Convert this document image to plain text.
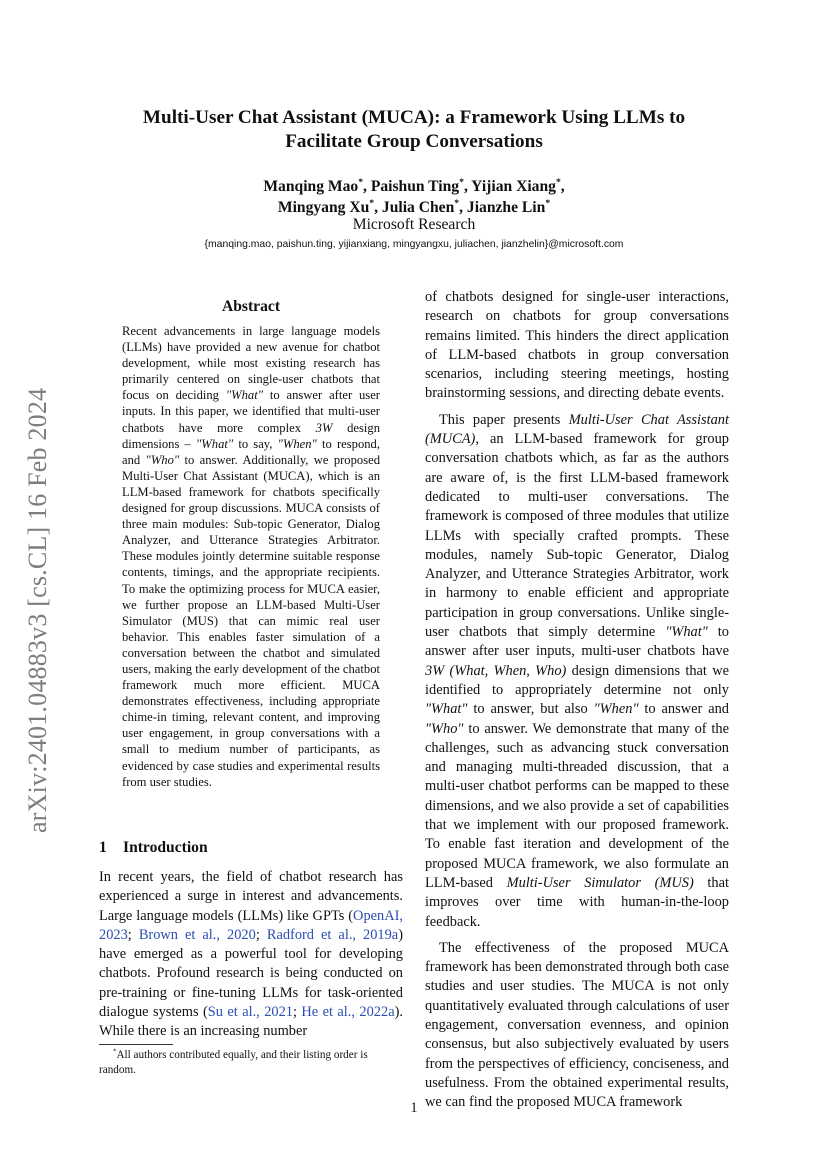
arXiv:2401.04883v3 [cs.CL] 16 Feb 2024
Multi-User Chat Assistant (MUCA): a Framework Using LLMs to
Facilitate Group Conversations
Manqing Mao*, Paishun Ting*, Yijian Xiang*,
Mingyang Xu*, Julia Chen*, Jianzhe Lin*
Microsoft Research
{manqing.mao, paishun.ting, yijianxiang, mingyangxu, juliachen, jianzhelin}@microsoft.com
Abstract

Recent advancements in large language models (LLMs) have provided a new avenue for chatbot development, while most existing research has primarily centered on single-user chatbots that focus on deciding "What" to answer after user inputs. In this paper, we identified that multi-user chatbots have more complex 3W design dimensions – "What" to say, "When" to respond, and "Who" to answer. Additionally, we proposed Multi-User Chat Assistant (MUCA), which is an LLM-based framework for chatbots specifically designed for group discussions. MUCA consists of three main modules: Sub-topic Generator, Dialog Analyzer, and Utterance Strategies Arbitrator. These modules jointly determine suitable response contents, timings, and the appropriate recipients. To make the optimizing process for MUCA easier, we further propose an LLM-based Multi-User Simulator (MUS) that can mimic real user behavior. This enables faster simulation of a conversation between the chatbot and simulated users, making the early development of the chatbot framework much more efficient. MUCA demonstrates effectiveness, including appropriate chime-in timing, relevant content, and improving user engagement, in group conversations with a small to medium number of participants, as evidenced by case studies and experimental results from user studies.

1 Introduction

In recent years, the field of chatbot research has experienced a surge in interest and advancements. Large language models (LLMs) like GPTs (OpenAI, 2023; Brown et al., 2020; Radford et al., 2019a) have emerged as a powerful tool for developing chatbots. Profound research is being conducted on pre-training or fine-tuning LLMs for task-oriented dialogue systems (Su et al., 2021; He et al., 2022a). While there is an increasing number

of chatbots designed for single-user interactions, research on chatbots for group conversations remains limited. This hinders the direct application of LLM-based chatbots in group conversation scenarios, including steering meetings, hosting brainstorming sessions, and directing debate events.

This paper presents Multi-User Chat Assistant (MUCA), an LLM-based framework for group conversation chatbots which, as far as the authors are aware of, is the first LLM-based framework dedicated to multi-user conversations. The framework is composed of three modules that utilize LLMs with specially crafted prompts. These modules, namely Sub-topic Generator, Dialog Analyzer, and Utterance Strategies Arbitrator, work in harmony to enable efficient and appropriate participation in group conversations. Unlike single-user chatbots that simply determine "What" to answer after user inputs, multi-user chatbots have 3W (What, When, Who) design dimensions that we identified to appropriately determine not only "What" to answer, but also "When" to answer and "Who" to answer. We demonstrate that many of the challenges, such as advancing stuck conversation and managing multi-threaded discussion, that a multi-user chatbot performs can be mapped to these dimensions, and we also provide a set of capabilities that we implement with our proposed framework. To enable fast iteration and development of the proposed MUCA framework, we also formulate an LLM-based Multi-User Simulator (MUS) that improves over time with human-in-the-loop feedback.

The effectiveness of the proposed MUCA framework has been demonstrated through both case studies and user studies. The MUCA is not only quantitatively evaluated through calculations of user engagement, conversation evenness, and opinion consensus, but also subjectively evaluated by users from the perspectives of efficiency, conciseness, and usefulness. From the obtained experimental results, we can find the proposed MUCA framework

*All authors contributed equally, and their listing order is random.

1
